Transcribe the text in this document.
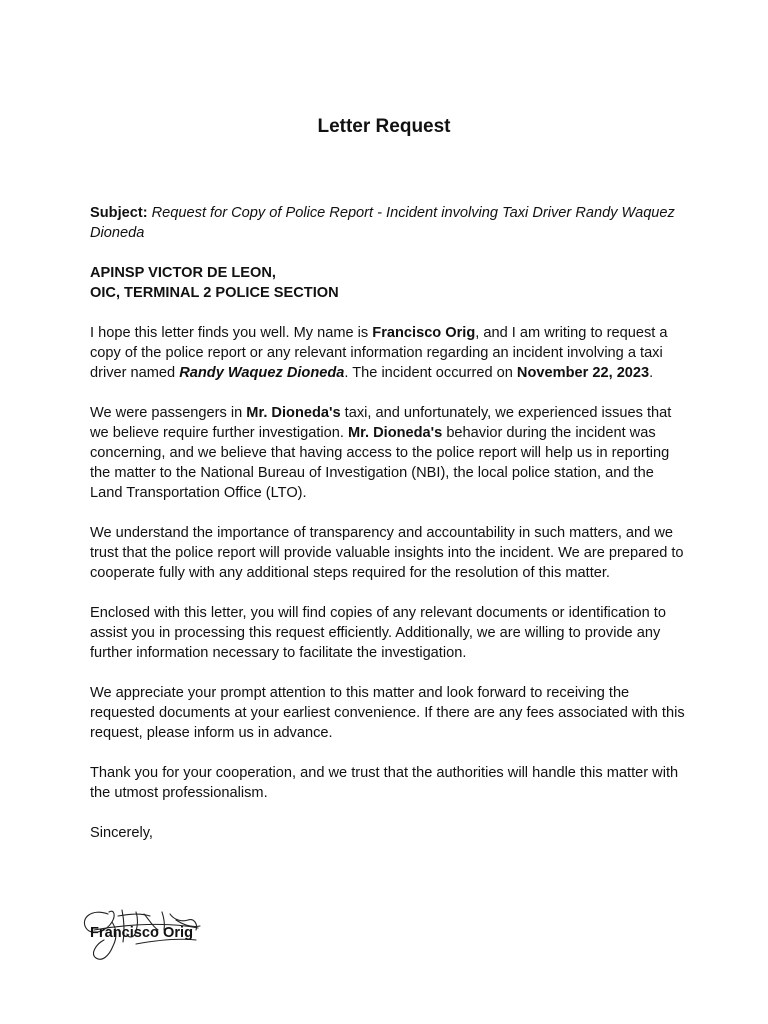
Letter Request

Subject: Request for Copy of Police Report - Incident involving Taxi Driver Randy Waquez Dioneda

APINSP VICTOR DE LEON,
OIC, TERMINAL 2 POLICE SECTION

I hope this letter finds you well. My name is Francisco Orig, and I am writing to request a copy of the police report or any relevant information regarding an incident involving a taxi driver named Randy Waquez Dioneda. The incident occurred on November 22, 2023.

We were passengers in Mr. Dioneda's taxi, and unfortunately, we experienced issues that we believe require further investigation. Mr. Dioneda's behavior during the incident was concerning, and we believe that having access to the police report will help us in reporting the matter to the National Bureau of Investigation (NBI), the local police station, and the Land Transportation Office (LTO).

We understand the importance of transparency and accountability in such matters, and we trust that the police report will provide valuable insights into the incident. We are prepared to cooperate fully with any additional steps required for the resolution of this matter.

Enclosed with this letter, you will find copies of any relevant documents or identification to assist you in processing this request efficiently. Additionally, we are willing to provide any further information necessary to facilitate the investigation.

We appreciate your prompt attention to this matter and look forward to receiving the requested documents at your earliest convenience. If there are any fees associated with this request, please inform us in advance.

Thank you for your cooperation, and we trust that the authorities will handle this matter with the utmost professionalism.

Sincerely,

Francisco Orig
